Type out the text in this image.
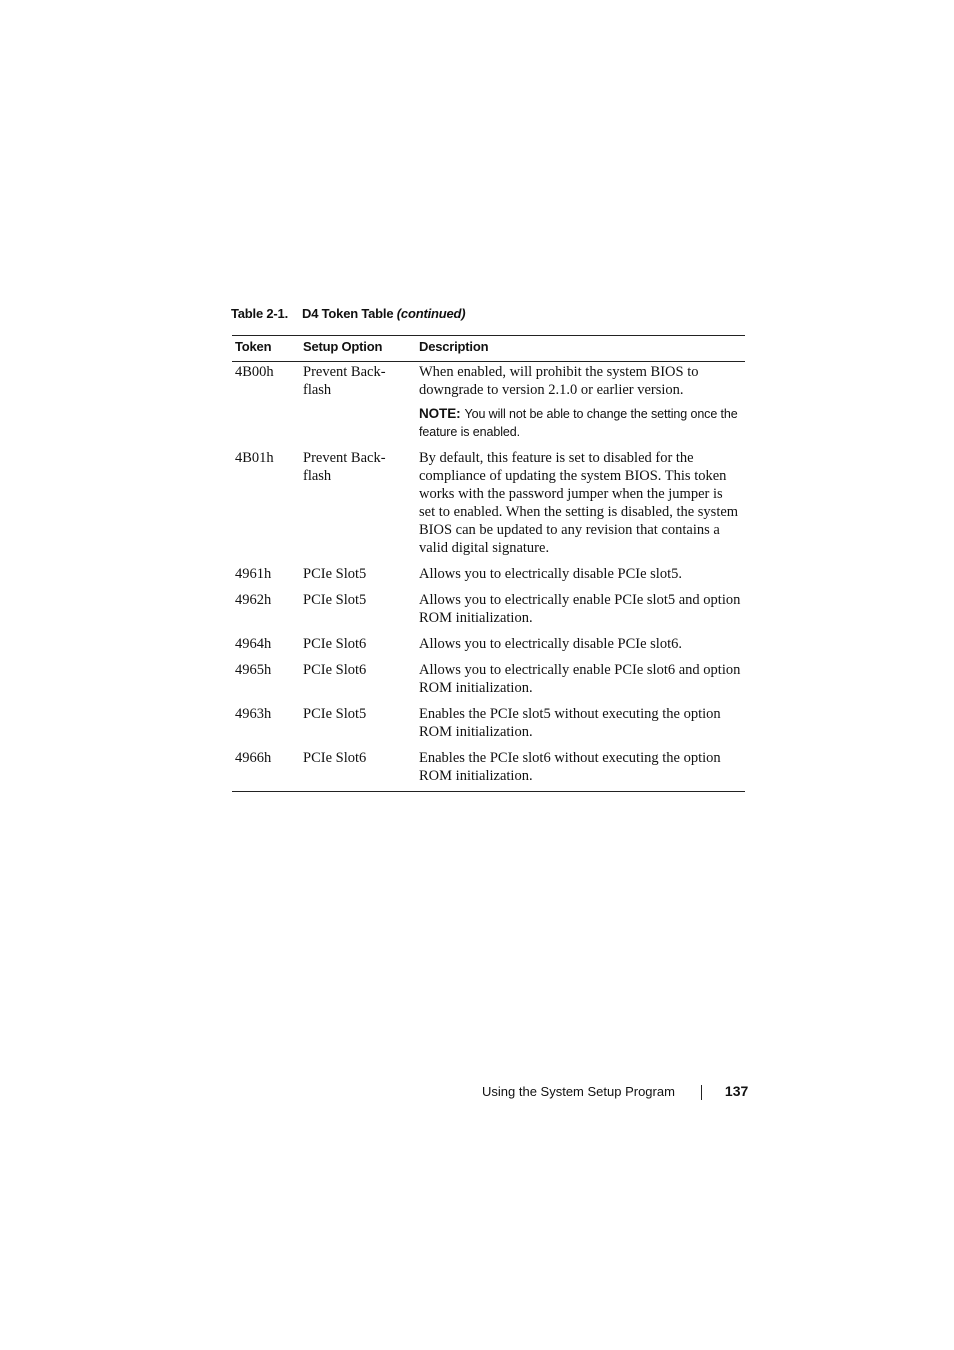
Table 2-1. D4 Token Table (continued)
Token	Setup Option	Description
4B00h	Prevent Back-flash	When enabled, will prohibit the system BIOS to downgrade to version 2.1.0 or earlier version.
NOTE: You will not be able to change the setting once the feature is enabled.

4B01h	Prevent Back-flash	By default, this feature is set to disabled for the compliance of updating the system BIOS. This token works with the password jumper when the jumper is set to enabled. When the setting is disabled, the system BIOS can be updated to any revision that contains a valid digital signature.
4961h	PCIe Slot5	Allows you to electrically disable PCIe slot5.
4962h	PCIe Slot5	Allows you to electrically enable PCIe slot5 and option ROM initialization.
4964h	PCIe Slot6	Allows you to electrically disable PCIe slot6.
4965h	PCIe Slot6	Allows you to electrically enable PCIe slot6 and option ROM initialization.
4963h	PCIe Slot5	Enables the PCIe slot5 without executing the option ROM initialization.
4966h	PCIe Slot6	Enables the PCIe slot6 without executing the option ROM initialization.
Using the System Setup Program	137
